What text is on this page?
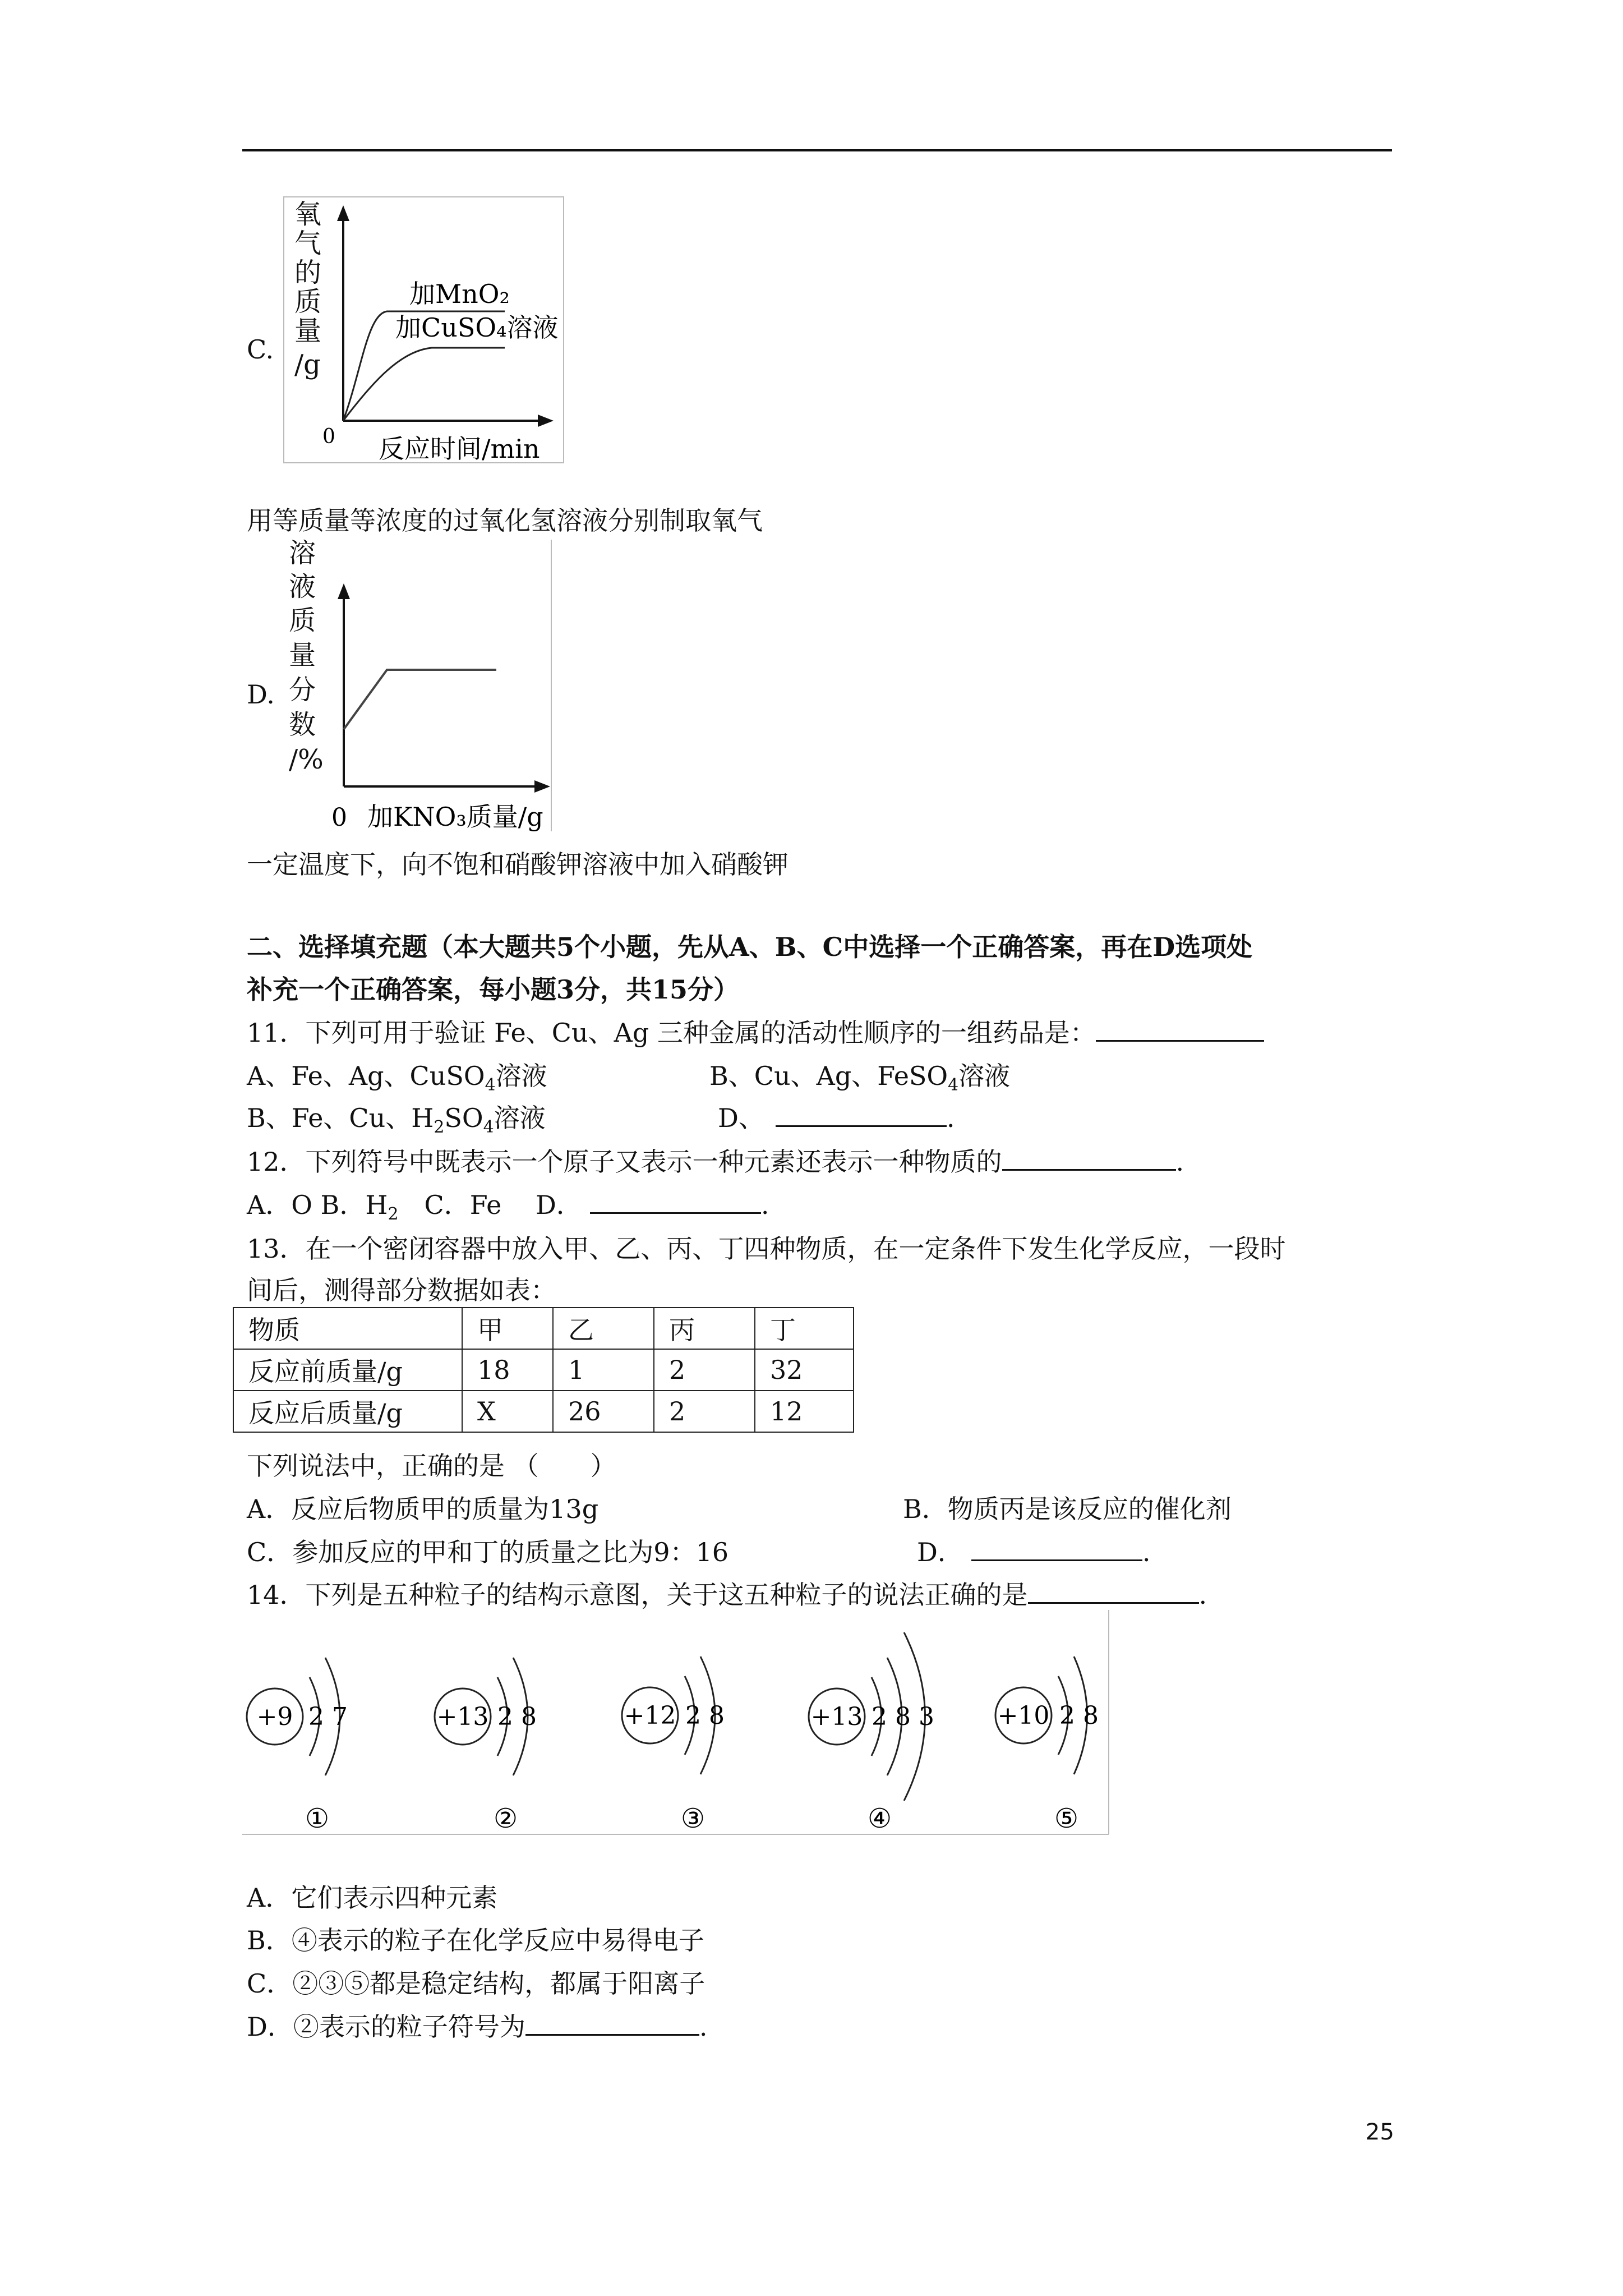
C.
氧
气
的
质
量
/g
0 反应时间/min
加MnO₂
加CuSO₄溶液
用等质量等浓度的过氧化氢溶液分别制取氧气
D.
溶
液
质
量
分
数
/%
0 加KNO₃质量/g
一定温度下，向不饱和硝酸钾溶液中加入硝酸钾
二、选择填充题（本大题共5个小题，先从A、B、C中选择一个正确答案，再在D选项处
补充一个正确答案，每小题3分，共15分）
11．下列可用于验证 Fe、Cu、Ag 三种金属的活动性顺序的一组药品是：
A、Fe、Ag、CuSO$_4$溶液	B、Cu、Ag、FeSO$_4$溶液
B、Fe、Cu、$H_2SO_4$溶液	D、	.
12．下列符号中既表示一个原子又表示一种元素还表示一种物质的	.
A．O B．$H_2$　C．Fe　 D．	.
13．在一个密闭容器中放入甲、乙、丙、丁四种物质，在一定条件下发生化学反应，一段时
间后，测得部分数据如表：
物质	甲	乙	丙	丁
反应前质量/g	18	1	2	32
反应后质量/g	X	26	2	12
下列说法中，正确的是 （　　）
A．反应后物质甲的质量为13g	B．物质丙是该反应的催化剂
C．参加反应的甲和丁的质量之比为9：16	D．	.
14．下列是五种粒子的结构示意图，关于这五种粒子的说法正确的是	.
+9 2 7
①
+13 2 8
②
+12 2 8
③
+13 2 8 3
④
+10 2 8
⑤
A．它们表示四种元素
B．④表示的粒子在化学反应中易得电子
C．②③⑤都是稳定结构，都属于阳离子
D．②表示的粒子符号为	.
25
